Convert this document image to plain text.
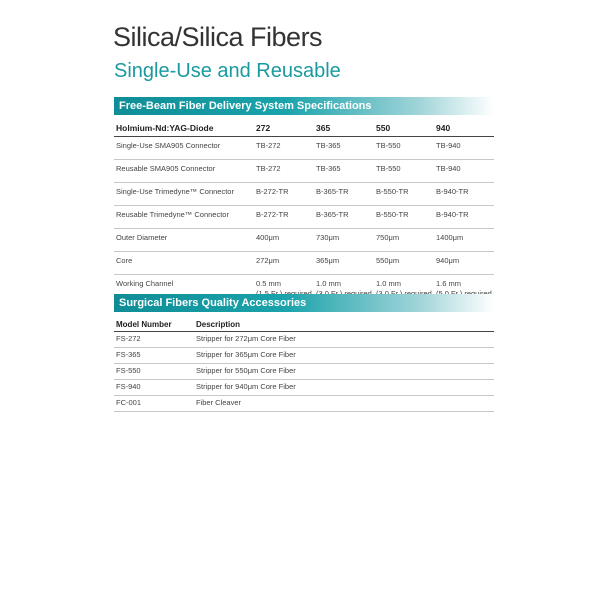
Silica/Silica Fibers
Single-Use and Reusable
Free-Beam Fiber Delivery System Specifications
Holmium-Nd:YAG-Diode	272	365	550	940
Single-Use SMA905 Connector	TB-272	TB-365	TB-550	TB-940
Reusable SMA905 Connector	TB-272	TB-365	TB-550	TB-940
Single-Use Trimedyne™ Connector	B-272-TR	B-365-TR	B-550-TR	B-940-TR
Reusable Trimedyne™ Connector	B-272-TR	B-365-TR	B-550-TR	B-940-TR
Outer Diameter	400μm	730μm	750μm	1400μm
Core	272μm	365μm	550μm	940μm
Working Channel	0.5 mm	1.0 mm	1.0 mm	1.6 mm

Surgical Fibers Quality Accessories
Model Number	Description
FS-272	Stripper for 272μm Core Fiber
FS-365	Stripper for 365μm Core Fiber
FS-550	Stripper for 550μm Core Fiber
FS-940	Stripper for 940μm Core Fiber
FC-001	Fiber Cleaver
